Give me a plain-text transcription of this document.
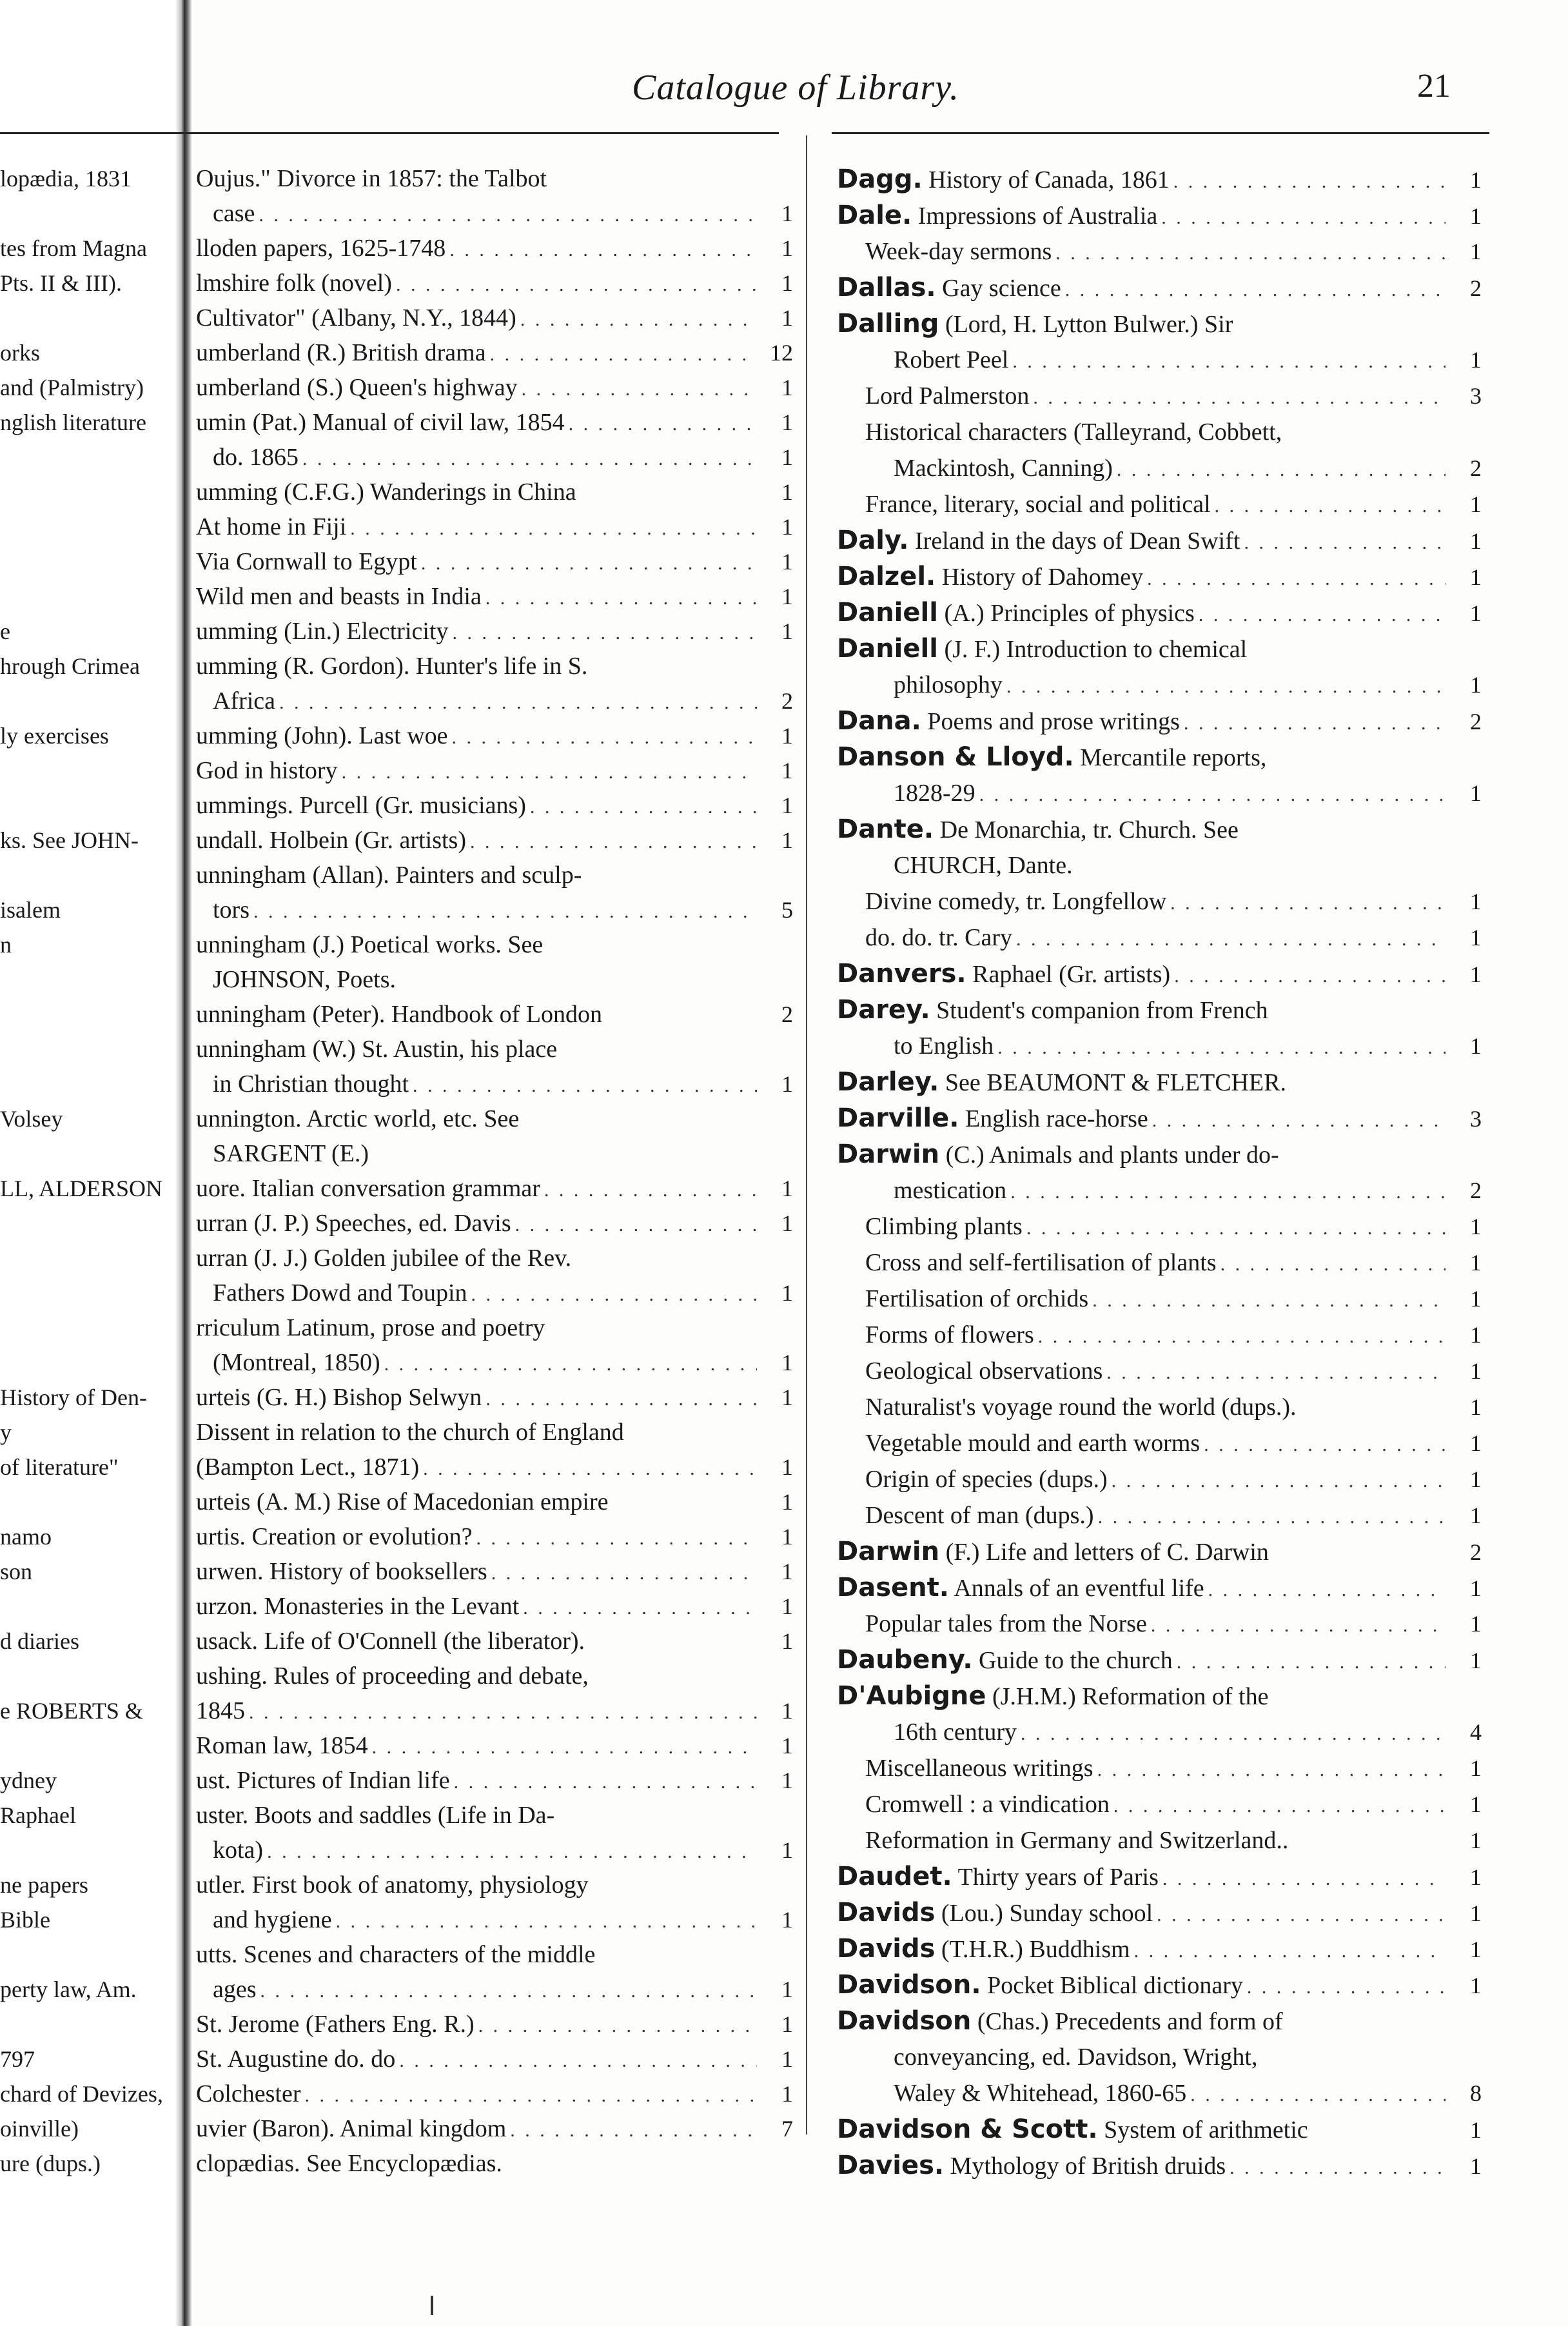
Catalogue of Library.	21
lopædia, 1831	Oujus." Divorce in 1857: the Talbot
case . . .	1
tes from Magna	lloden papers, 1625-1748 . . .	1
Pts. II & III).	lmshire folk (novel) . . .	1
Cultivator" (Albany, N.Y., 1844) . . .	1
orks	umberland (R.) British drama . . .	12
and (Palmistry)	umberland (S.) Queen's highway . . .	1
nglish literature	umin (Pat.) Manual of civil law, 1854 . . .	1
do. 1865 . . .	1
umming (C.F.G.) Wanderings in China	1
At home in Fiji . . .	1
Via Cornwall to Egypt . . .	1
Wild men and beasts in India . . .	1
e	umming (Lin.) Electricity . . .	1
hrough Crimea	umming (R. Gordon). Hunter's life in S.
Africa . . .	2
ly exercises	umming (John). Last woe . . .	1
God in history . . .	1
ummings. Purcell (Gr. musicians) . . .	1
ks. See JOHN-	undall. Holbein (Gr. artists) . . .	1
unningham (Allan). Painters and sculp-
isalem	tors . . .	5
n	unningham (J.) Poetical works. See
JOHNSON, Poets.
unningham (Peter). Handbook of London	2
unningham (W.) St. Austin, his place
in Christian thought . . .	1
Volsey	unnington. Arctic world, etc. See
SARGENT (E.)
LL, ALDERSON	uore. Italian conversation grammar . . .	1
urran (J. P.) Speeches, ed. Davis . . .	1
urran (J. J.) Golden jubilee of the Rev.
Fathers Dowd and Toupin . . .	1
rriculum Latinum, prose and poetry
(Montreal, 1850) . . .	1
History of Den-	urteis (G. H.) Bishop Selwyn . . .	1
y	Dissent in relation to the church of England
of literature"	(Bampton Lect., 1871) . . .	1
urteis (A. M.) Rise of Macedonian empire	1
namo	urtis. Creation or evolution? . . .	1
son	urwen. History of booksellers . . .	1
urzon. Monasteries in the Levant . . .	1
d diaries	usack. Life of O'Connell (the liberator).	1
ushing. Rules of proceeding and debate,
e ROBERTS &	1845 . . .	1
Roman law, 1854 . . .	1
ydney	ust. Pictures of Indian life . . .	1
Raphael	uster. Boots and saddles (Life in Da-
kota) . . .	1
ne papers	utler. First book of anatomy, physiology
Bible	and hygiene . . .	1
utts. Scenes and characters of the middle
perty law, Am.	ages . . .	1
St. Jerome (Fathers Eng. R.) . . .	1
797	St. Augustine do. do . . .	1
chard of Devizes,	Colchester . . .	1
oinville)	uvier (Baron). Animal kingdom . . .	7
ure (dups.)	clopædias. See Encyclopædias.
Dagg. History of Canada, 1861 . . .	1
Dale. Impressions of Australia . . .	1
Week-day sermons . . .	1
Dallas. Gay science . . .	2
Dalling (Lord, H. Lytton Bulwer.) Sir
Robert Peel . . .	1
Lord Palmerston . . .	3
Historical characters (Talleyrand, Cobbett,
Mackintosh, Canning) . . .	2
France, literary, social and political . . .	1
Daly. Ireland in the days of Dean Swift . . .	1
Dalzel. History of Dahomey . . .	1
Daniell (A.) Principles of physics . . .	1
Daniell (J. F.) Introduction to chemical
philosophy . . .	1
Dana. Poems and prose writings . . .	2
Danson & Lloyd. Mercantile reports,
1828-29 . . .	1
Dante. De Monarchia, tr. Church. See
CHURCH, Dante.
Divine comedy, tr. Longfellow . . .	1
do. do. tr. Cary . . .	1
Danvers. Raphael (Gr. artists) . . .	1
Darey. Student's companion from French
to English . . .	1
Darley. See BEAUMONT & FLETCHER.
Darville. English race-horse . . .	3
Darwin (C.) Animals and plants under do-
mestication . . .	2
Climbing plants . . .	1
Cross and self-fertilisation of plants . . .	1
Fertilisation of orchids . . .	1
Forms of flowers . . .	1
Geological observations . . .	1
Naturalist's voyage round the world (dups.).	1
Vegetable mould and earth worms . . .	1
Origin of species (dups.) . . .	1
Descent of man (dups.) . . .	1
Darwin (F.) Life and letters of C. Darwin	2
Dasent. Annals of an eventful life . . .	1
Popular tales from the Norse . . .	1
Daubeny. Guide to the church . . .	1
D'Aubigne (J.H.M.) Reformation of the
16th century . . .	4
Miscellaneous writings . . .	1
Cromwell : a vindication . . .	1
Reformation in Germany and Switzerland..	1
Daudet. Thirty years of Paris . . .	1
Davids (Lou.) Sunday school . . .	1
Davids (T.H.R.) Buddhism . . .	1
Davidson. Pocket Biblical dictionary . . .	1
Davidson (Chas.) Precedents and form of
conveyancing, ed. Davidson, Wright,
Waley & Whitehead, 1860-65 . . .	8
Davidson & Scott. System of arithmetic	1
Davies. Mythology of British druids . . .	1
